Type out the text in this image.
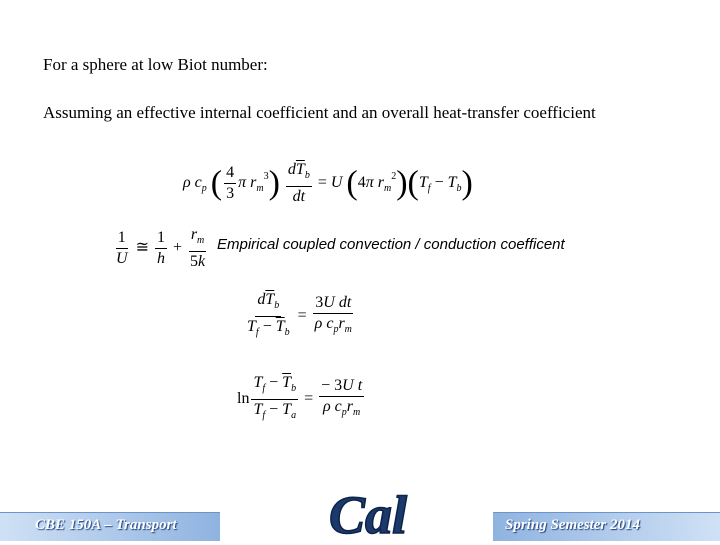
For a sphere at low Biot number:
Assuming an effective internal coefficient and an overall heat-transfer coefficient
ρ $c_p$ ( $\frac{4}{3}$ π $r_m^3) \frac{d\overline{T}_b}{dt} = U$ (4π $r_m^2)(T_f - T_b)$
$\frac{1}{U}$ ≅ $\frac{1}{h} + \frac{r_m}{5k}$ Empirical coupled convection / conduction coefficent
$\frac{d\overline{T}_b}{T_f - \overline{T}_b} = \frac{\text{3U dt}}{\rho c_pr_m}$
$\ln \frac{T_f - \overline{T}_b}{T_f - T_a} = \frac{\text{− 3U t}}{\rho c_pr_m}$
CBE 150A – Transport	Spring Semester 2014
Cal
